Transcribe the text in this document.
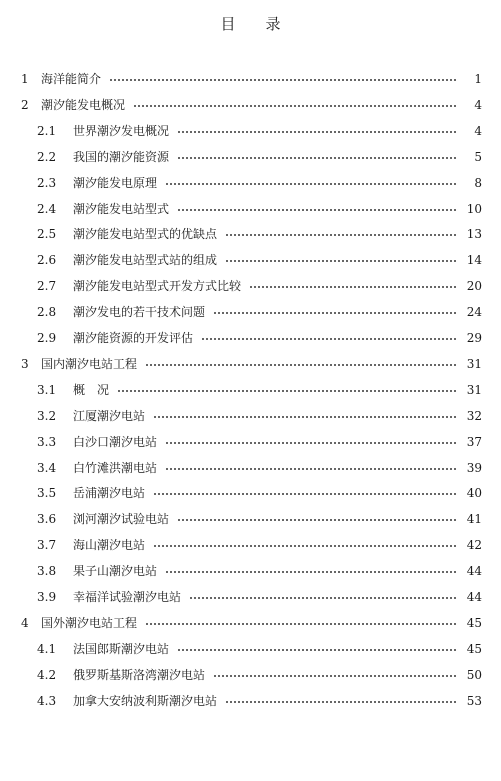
目 录
1	海洋能简介	1
2	潮汐能发电概况	4
2.1	世界潮汐发电概况	4
2.2	我国的潮汐能资源	5
2.3	潮汐能发电原理	8
2.4	潮汐能发电站型式	10
2.5	潮汐能发电站型式的优缺点	13
2.6	潮汐能发电站型式站的组成	14
2.7	潮汐能发电站型式开发方式比较	20
2.8	潮汐发电的若干技术问题	24
2.9	潮汐能资源的开发评估	29
3	国内潮汐电站工程	31
3.1	概　况	31
3.2	江厦潮汐电站	32
3.3	白沙口潮汐电站	37
3.4	白竹滩洪潮电站	39
3.5	岳浦潮汐电站	40
3.6	浏河潮汐试验电站	41
3.7	海山潮汐电站	42
3.8	果子山潮汐电站	44
3.9	幸福洋试验潮汐电站	44
4	国外潮汐电站工程	45
4.1	法国郎斯潮汐电站	45
4.2	俄罗斯基斯洛湾潮汐电站	50
4.3	加拿大安纳波利斯潮汐电站	53
